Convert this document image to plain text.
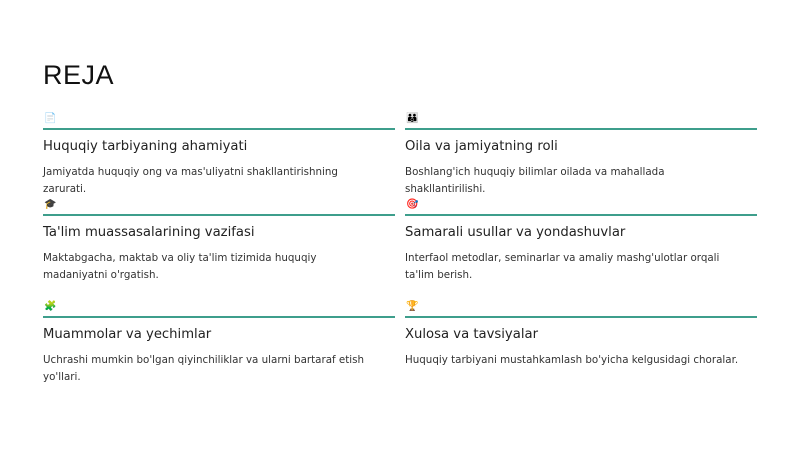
REJA
📄
Huquqiy tarbiyaning ahamiyati
Jamiyatda huquqiy ong va mas'uliyatni shakllantirishning zarurati.
👪
Oila va jamiyatning roli
Boshlang'ich huquqiy bilimlar oilada va mahallada shakllantirilishi.
🎓
Ta'lim muassasalarining vazifasi
Maktabgacha, maktab va oliy ta'lim tizimida huquqiy madaniyatni o'rgatish.
🎯
Samarali usullar va yondashuvlar
Interfaol metodlar, seminarlar va amaliy mashg'ulotlar orqali ta'lim berish.
🧩
Muammolar va yechimlar
Uchrashi mumkin bo'lgan qiyinchiliklar va ularni bartaraf etish yo'llari.
🏆
Xulosa va tavsiyalar
Huquqiy tarbiyani mustahkamlash bo'yicha kelgusidagi choralar.
